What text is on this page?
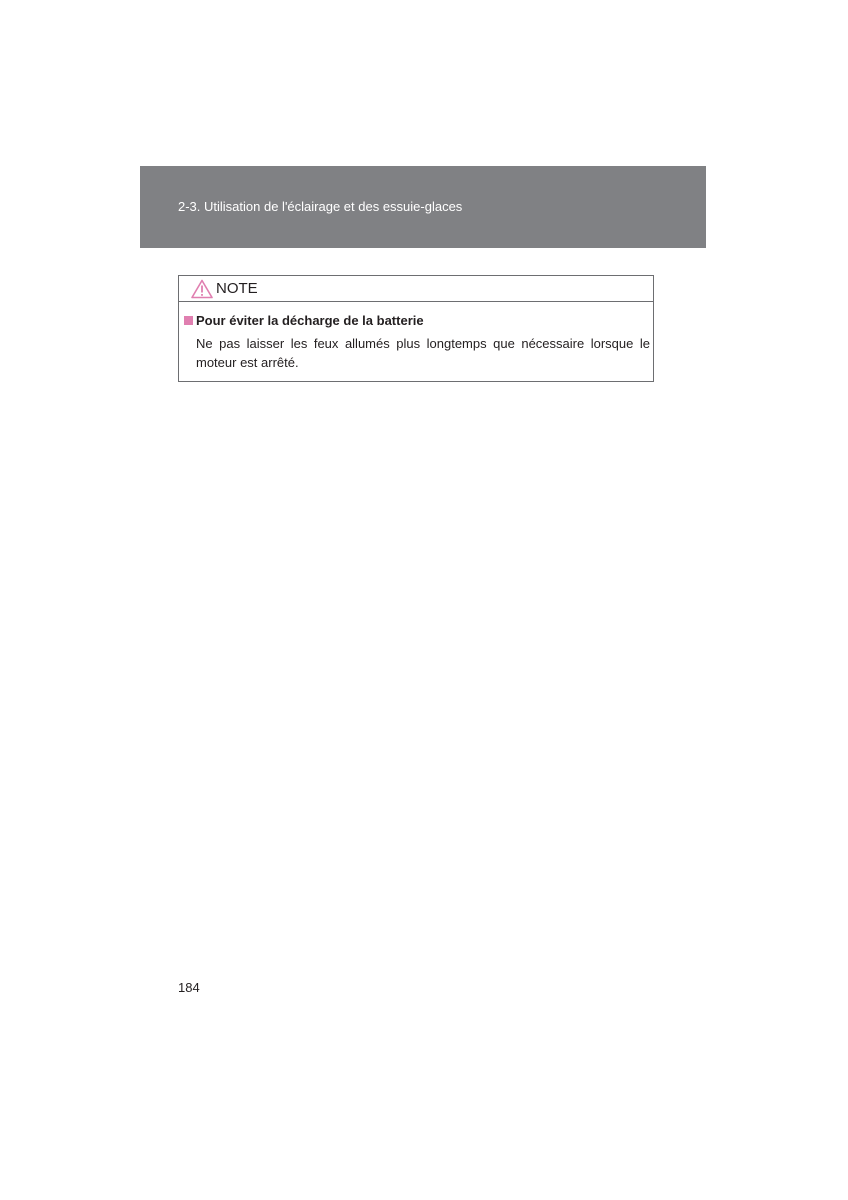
2-3. Utilisation de l'éclairage et des essuie-glaces
NOTE
Pour éviter la décharge de la batterie
Ne pas laisser les feux allumés plus longtemps que nécessaire lorsque le moteur est arrêté.
184
